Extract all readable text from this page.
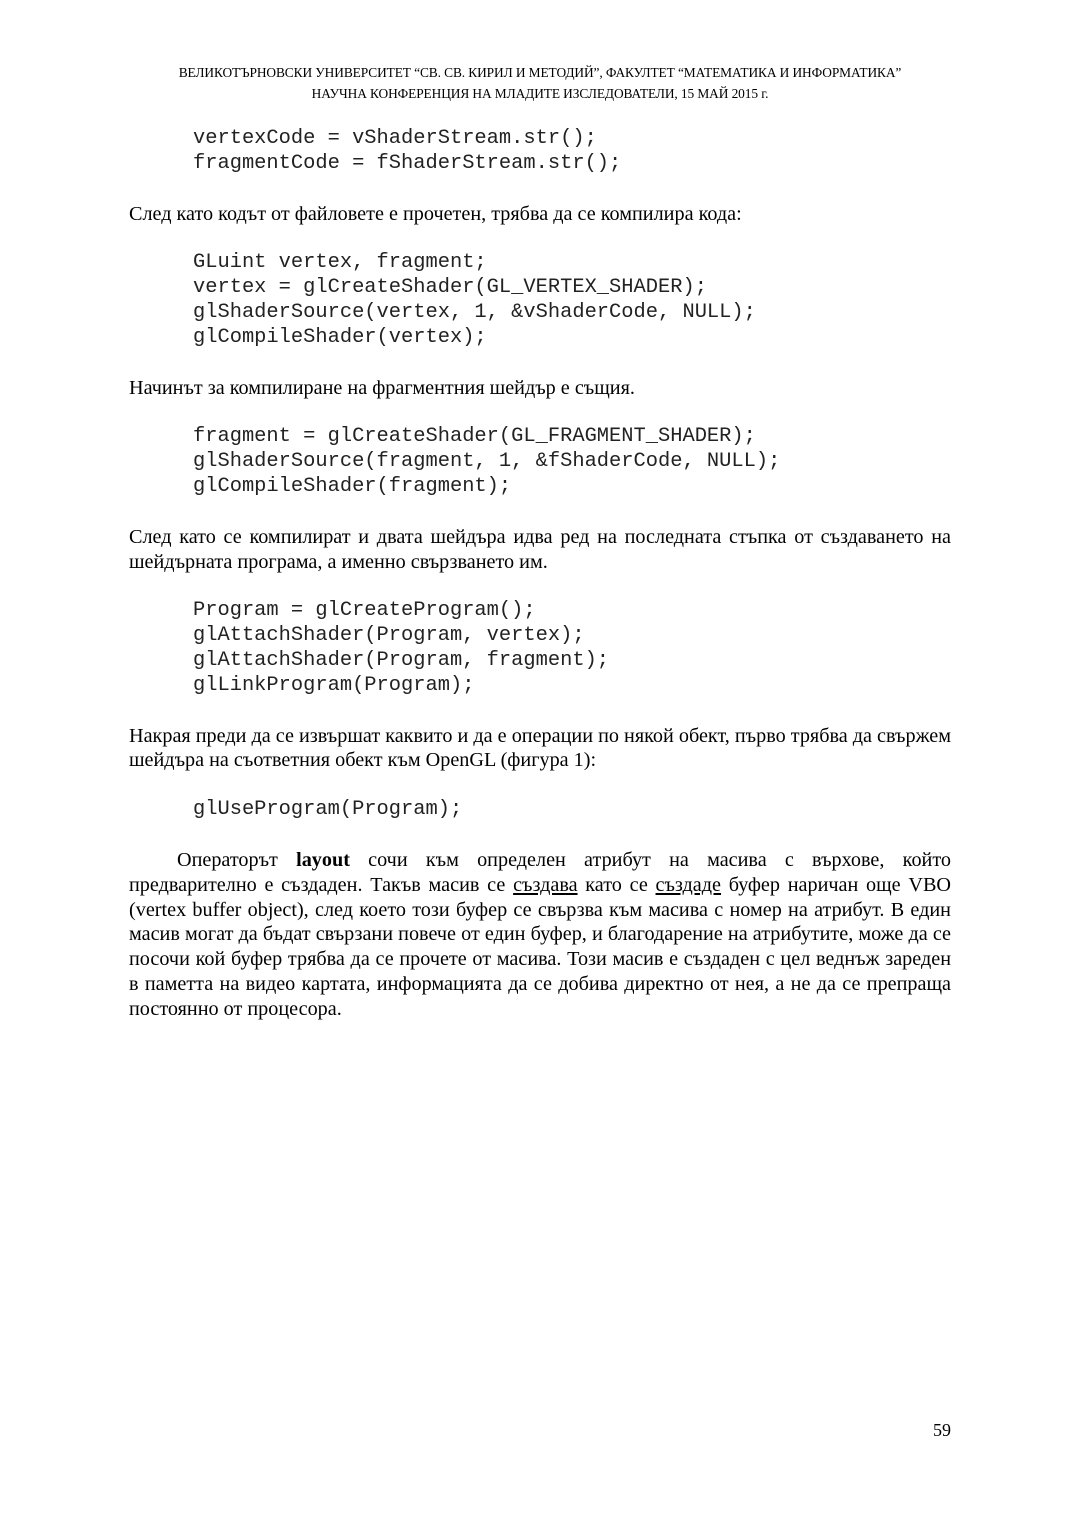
ВЕЛИКОТЪРНОВСКИ УНИВЕРСИТЕТ “СВ. СВ. КИРИЛ И МЕТОДИЙ”, ФАКУЛТЕТ “МАТЕМАТИКА И ИНФОРМАТИКА”
НАУЧНА КОНФЕРЕНЦИЯ НА МЛАДИТЕ ИЗСЛЕДОВАТЕЛИ, 15 МАЙ 2015 г.
vertexCode = vShaderStream.str();
fragmentCode = fShaderStream.str();

След като кодът от файловете е прочетен, трябва да се компилира кода:

GLuint vertex, fragment;
vertex = glCreateShader(GL_VERTEX_SHADER);
glShaderSource(vertex, 1, &vShaderCode, NULL);
glCompileShader(vertex);

Начинът за компилиране на фрагментния шейдър е същия.

fragment = glCreateShader(GL_FRAGMENT_SHADER);
glShaderSource(fragment, 1, &fShaderCode, NULL);
glCompileShader(fragment);

След като се компилират и двата шейдъра идва ред на последната стъпка от създаването на шейдърната програма, а именно свързването им.

Program = glCreateProgram();
glAttachShader(Program, vertex);
glAttachShader(Program, fragment);
glLinkProgram(Program);

Накрая преди да се извършат каквито и да е операции по някой обект, първо трябва да свържем шейдъра на съответния обект към OpenGL (фигура 1):

glUseProgram(Program);

Операторът layout сочи към определен атрибут на масива с върхове, който предварително е създаден. Такъв масив се създава като се създаде буфер наричан още VBO (vertex buffer object), след което този буфер се свързва към масива с номер на атрибут. В един масив могат да бъдат свързани повече от един буфер, и благодарение на атрибутите, може да се посочи кой буфер трябва да се прочете от масива. Този масив е създаден с цел веднъж зареден в паметта на видео картата, информацията да се добива директно от нея, а не да се препраща постоянно от процесора.

59
